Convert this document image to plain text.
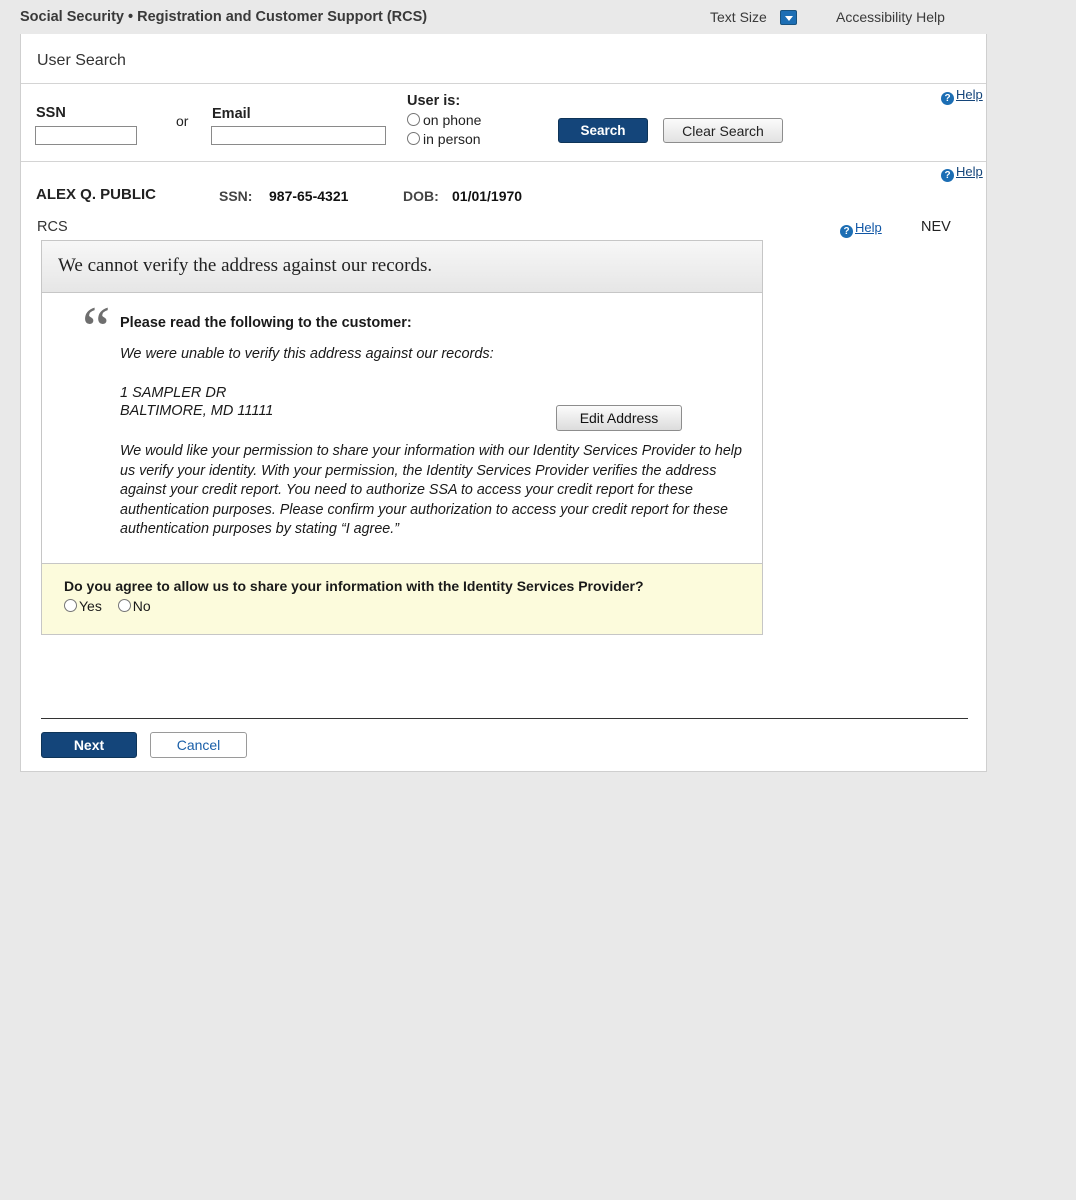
Social Security • Registration and Customer Support (RCS)	Text Size	Accessibility Help
User Search
SSN	or Email
User is:
on phone
in person
Search	Clear Search
? Help
? Help
ALEX Q. PUBLIC	SSN: 987-65-4321	DOB: 01/01/1970
RCS	? Help	NEV
We cannot verify the address against our records.
“ Please read the following to the customer:
We were unable to verify this address against our records:
Edit Address
1 SAMPLER DR
BALTIMORE, MD 11111
We would like your permission to share your information with our Identity Services Provider to help us verify your identity. With your permission, the Identity Services Provider verifies the address against your credit report. You need to authorize SSA to access your credit report for these authentication purposes. Please confirm your authorization to access your credit report for these authentication purposes by stating “I agree.”
Do you agree to allow us to share your information with the Identity Services Provider?
Yes No
Next	Cancel
